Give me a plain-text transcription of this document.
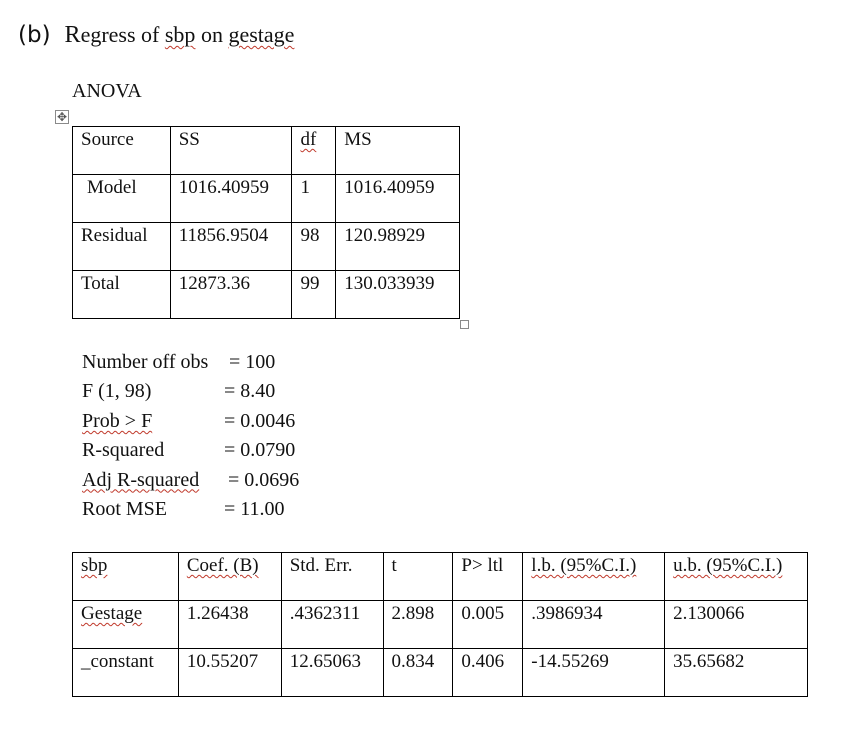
(b) Regress of sbp on gestage
ANOVA
✥
Source	SS	df	MS
Model	1016.40959	1	1016.40959
Residual	11856.9504	98	120.98929
Total	12873.36	99	130.033939
Number off obs = 100
F (1, 98)	= 8.40
Prob > F	= 0.0046
R-squared	= 0.0790
Adj R-squared = 0.0696
Root MSE	= 11.00
sbp	Coef. (B)	Std. Err.	t	P> ltl	l.b. (95%C.I.)	u.b. (95%C.I.)
Gestage	1.26438	.4362311	2.898	0.005	.3986934	2.130066
_constant	10.55207	12.65063	0.834	0.406	-14.55269	35.65682
